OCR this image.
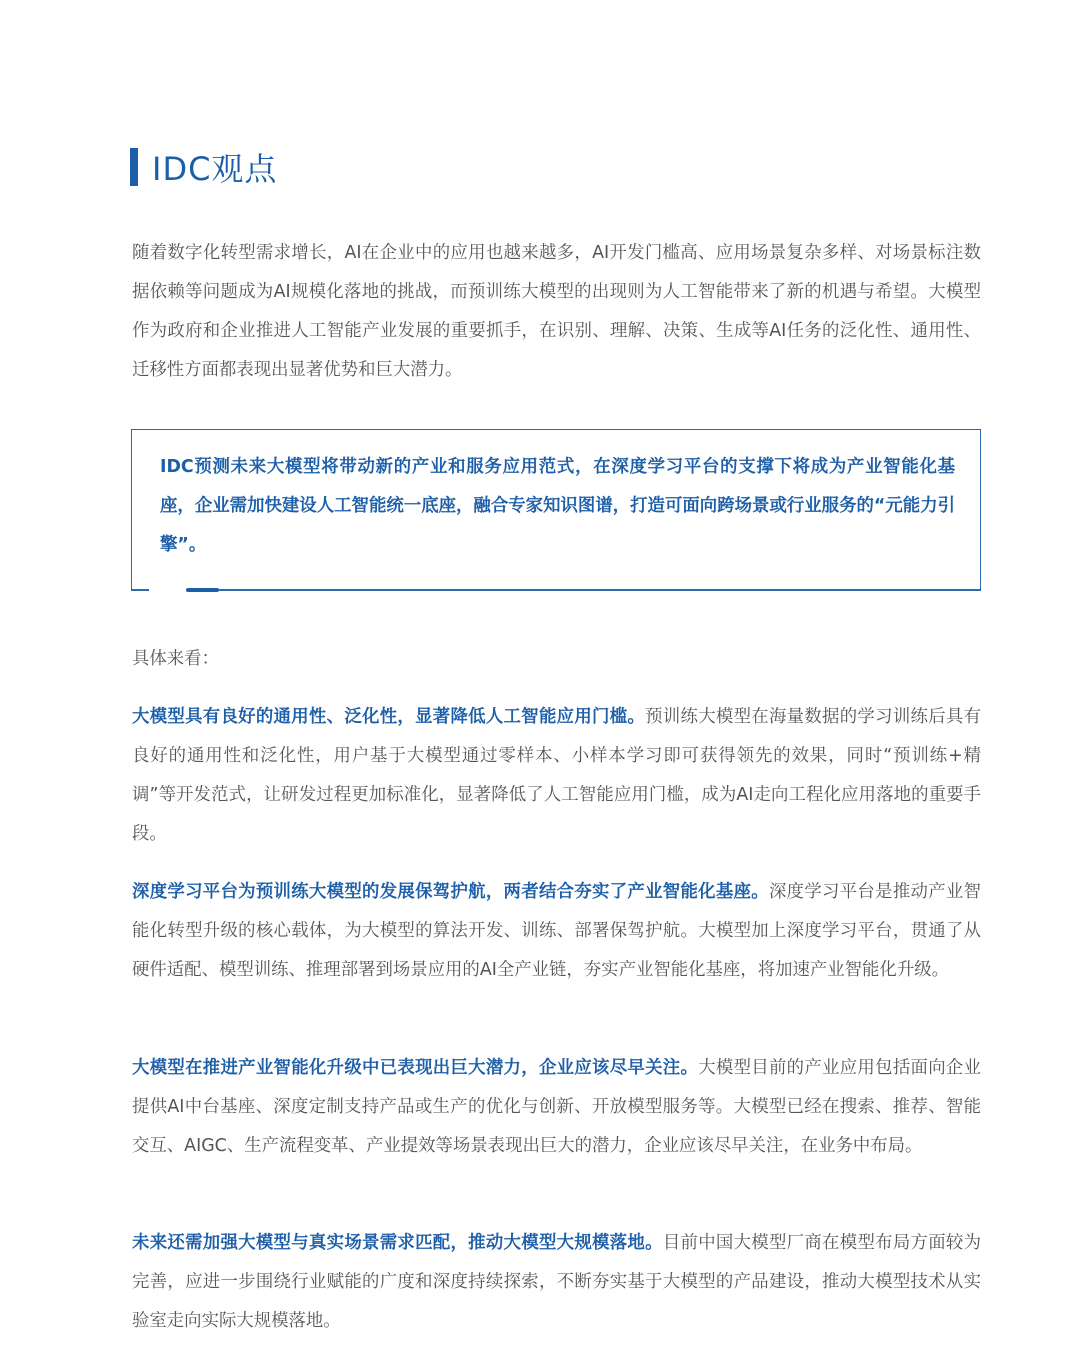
IDC观点

随着数字化转型需求增长，AI在企业中的应用也越来越多，AI开发门槛高、应用场景复杂多样、对场景标注数据依赖等问题成为AI规模化落地的挑战，而预训练大模型的出现则为人工智能带来了新的机遇与希望。大模型作为政府和企业推进人工智能产业发展的重要抓手，在识别、理解、决策、生成等AI任务的泛化性、通用性、迁移性方面都表现出显著优势和巨大潜力。

IDC预测未来大模型将带动新的产业和服务应用范式，在深度学习平台的支撑下将成为产业智能化基座，企业需加快建设人工智能统一底座，融合专家知识图谱，打造可面向跨场景或行业服务的“元能力引擎”。

具体来看：

大模型具有良好的通用性、泛化性，显著降低人工智能应用门槛。预训练大模型在海量数据的学习训练后具有良好的通用性和泛化性，用户基于大模型通过零样本、小样本学习即可获得领先的效果，同时“预训练+精调”等开发范式，让研发过程更加标准化，显著降低了人工智能应用门槛，成为AI走向工程化应用落地的重要手段。

深度学习平台为预训练大模型的发展保驾护航，两者结合夯实了产业智能化基座。深度学习平台是推动产业智能化转型升级的核心载体，为大模型的算法开发、训练、部署保驾护航。大模型加上深度学习平台，贯通了从硬件适配、模型训练、推理部署到场景应用的AI全产业链，夯实产业智能化基座，将加速产业智能化升级。

大模型在推进产业智能化升级中已表现出巨大潜力，企业应该尽早关注。大模型目前的产业应用包括面向企业提供AI中台基座、深度定制支持产品或生产的优化与创新、开放模型服务等。大模型已经在搜索、推荐、智能交互、AIGC、生产流程变革、产业提效等场景表现出巨大的潜力，企业应该尽早关注，在业务中布局。

未来还需加强大模型与真实场景需求匹配，推动大模型大规模落地。目前中国大模型厂商在模型布局方面较为完善，应进一步围绕行业赋能的广度和深度持续探索，不断夯实基于大模型的产品建设，推动大模型技术从实验室走向实际大规模落地。
